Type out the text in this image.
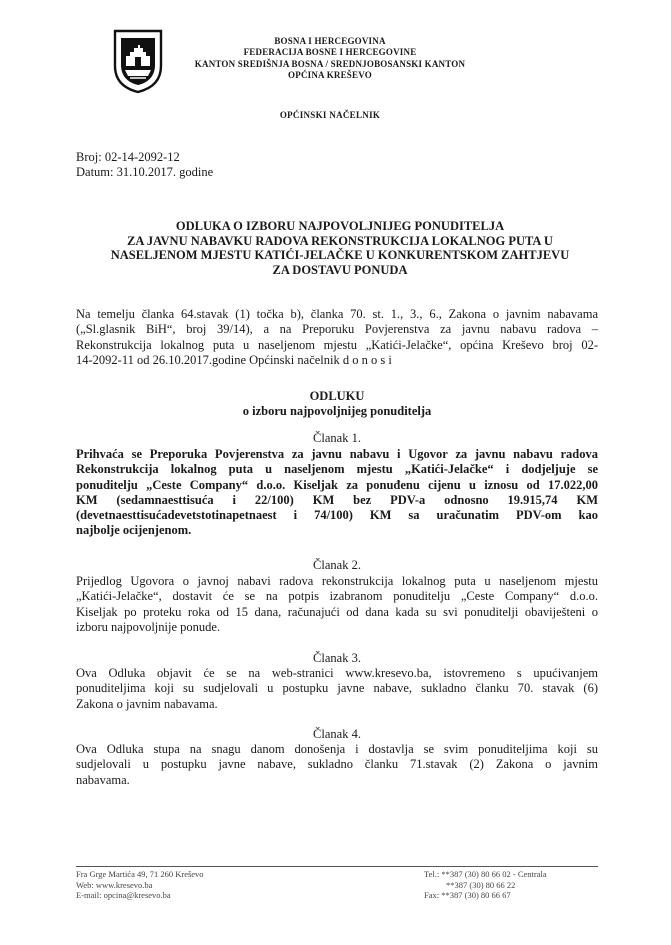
BOSNA I HERCEGOVINA
FEDERACIJA BOSNE I HERCEGOVINE
KANTON SREDIŠNJA BOSNA / SREDNJOBOSANSKI KANTON
OPĆINA KREŠEVO
OPĆINSKI NAČELNIK
Broj: 02-14-2092-12
Datum: 31.10.2017. godine
ODLUKA O IZBORU NAJPOVOLJNIJEG PONUDITELJA
ZA JAVNU NABAVKU RADOVA REKONSTRUKCIJA LOKALNOG PUTA U
NASELJENOM MJESTU KATIĆI-JELAČKE U KONKURENTSKOM ZAHTJEVU
ZA DOSTAVU PONUDA
Na temelju članka 64.stavak (1) točka b), članka 70. st. 1., 3., 6., Zakona o javnim nabavama
(„Sl.glasnik BiH“, broj 39/14), a na Preporuku Povjerenstva za javnu nabavu radova –
Rekonstrukcija lokalnog puta u naseljenom mjestu „Katići-Jelačke“, općina Kreševo broj 02-
14-2092-11 od 26.10.2017.godine Općinski načelnik d o n o s i
ODLUKU
o izboru najpovoljnijeg ponuditelja
Članak 1.
Prihvaća se Preporuka Povjerenstva za javnu nabavu i Ugovor za javnu nabavu radova
Rekonstrukcija lokalnog puta u naseljenom mjestu „Katići-Jelačke“ i dodjeljuje se
ponuditelju „Ceste Company“ d.o.o. Kiseljak za ponuđenu cijenu u iznosu od 17.022,00
KM (sedamnaesttisuća i 22/100) KM bez PDV-a odnosno 19.915,74 KM
(devetnaesttisućadevetstotinapetnaest i 74/100) KM sa uračunatim PDV-om kao
najbolje ocijenjenom.
Članak 2.
Prijedlog Ugovora o javnoj nabavi radova rekonstrukcija lokalnog puta u naseljenom mjestu
„Katići-Jelačke“, dostavit će se na potpis izabranom ponuditelju „Ceste Company“ d.o.o.
Kiseljak po proteku roka od 15 dana, računajući od dana kada su svi ponuditelji obaviješteni o
izboru najpovoljnije ponude.
Članak 3.
Ova Odluka objavit će se na web-stranici www.kresevo.ba, istovremeno s upućivanjem
ponuditeljima koji su sudjelovali u postupku javne nabave, sukladno članku 70. stavak (6)
Zakona o javnim nabavama.
Članak 4.
Ova Odluka stupa na snagu danom donošenja i dostavlja se svim ponuditeljima koji su
sudjelovali u postupku javne nabave, sukladno članku 71.stavak (2) Zakona o javnim
nabavama.
Fra Grge Martića 49, 71 260 Kreševo
Web: www.kresevo.ba
E-mail: opcina@kresevo.ba
Tel.: **387 (30) 80 66 02 - Centrala
**387 (30) 80 66 22
Fax: **387 (30) 80 66 67
